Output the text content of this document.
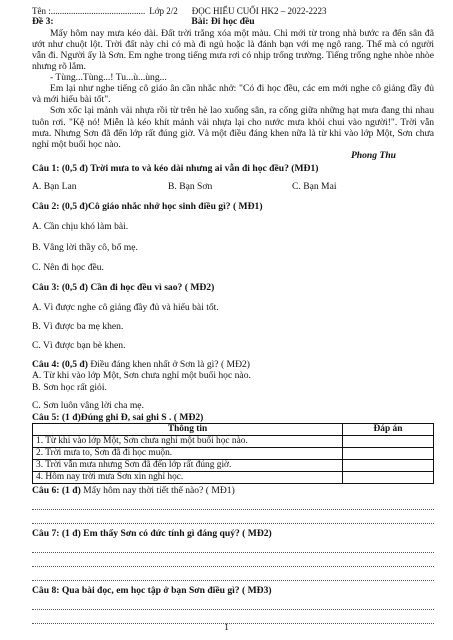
Tên :.......................................... Lớp 2/2	ĐỌC HIỂU CUỐI HK2 – 2022-2223
Đề 3:	Bài: Đi học đều

Mấy hôm nay mưa kéo dài. Đất trời trắng xóa một màu. Chỉ mới từ trong nhà bước ra đến sân đã ướt như chuột lột. Trời đất này chỉ có mà đi ngủ hoặc là đánh bạn với mẹ ngô rang. Thế mà có người vẫn đi. Người ấy là Sơn. Em nghe trong tiếng mưa rơi có nhịp trống trường. Tiếng trống nghe nhòe nhòe nhưng rõ lắm.

- Tùng...Tùng...! Tu...ù...ùng...

Em lại như nghe tiếng cô giáo ân cần nhắc nhở: "Có đi học đều, các em mới nghe cô giảng đầy đủ và mới hiểu bài tốt".

Sơn xốc lại mảnh vải nhựa rồi từ trên hè lao xuống sân, ra cổng giữa những hạt mưa đang thi nhau tuôn rơi. "Kệ nó! Miễn là kéo khít mảnh vải nhựa lại cho nước mưa khỏi chui vào người!". Trời vẫn mưa. Nhưng Sơn đã đến lớp rất đúng giờ. Và một điều đáng khen nữa là từ khi vào lớp Một, Sơn chưa nghỉ một buổi học nào.

Phong Thu
Câu 1: (0,5 đ) Trời mưa to và kéo dài nhưng ai vẫn đi học đều? (MĐ1)
A. Bạn Lan	B. Bạn Sơn	C. Bạn Mai
Câu 2: (0,5 đ)Cô giáo nhắc nhở học sinh điều gì? ( MĐ1)
A. Cần chịu khó làm bài.
B. Vâng lời thầy cô, bố mẹ.
C. Nên đi học đều.
Câu 3: (0,5 đ) Cần đi học đều vì sao? ( MĐ2)
A. Vì được nghe cô giảng đầy đủ và hiểu bài tốt.
B. Vì được ba mẹ khen.
C. Vì được bạn bè khen.
Câu 4: (0,5 đ) Điều đáng khen nhất ở Sơn là gì? ( MĐ2)
A. Từ khi vào lớp Một, Sơn chưa nghỉ một buổi học nào.
B. Sơn học rất giỏi.
C. Sơn luôn vâng lời cha mẹ.
Câu 5: (1 đ)Đúng ghi Đ, sai ghi S . ( MĐ2)
Thông tin	Đáp án
1. Từ khi vào lớp Một, Sơn chưa nghỉ một buổi học nào.	
2. Trời mưa to, Sơn đã đi học muộn.	
3. Trời vẫn mưa nhưng Sơn đã đến lớp rất đúng giờ.	
4. Hôm nay trời mưa Sơn xin nghỉ học.	
Câu 6: (1 đ) Mấy hôm nay thời tiết thế nào? ( MĐ1)
Câu 7: (1 đ) Em thấy Sơn có đức tính gì đáng quý? ( MĐ2)
Câu 8: Qua bài đọc, em học tập ở bạn Sơn điều gì? ( MĐ3)
1
